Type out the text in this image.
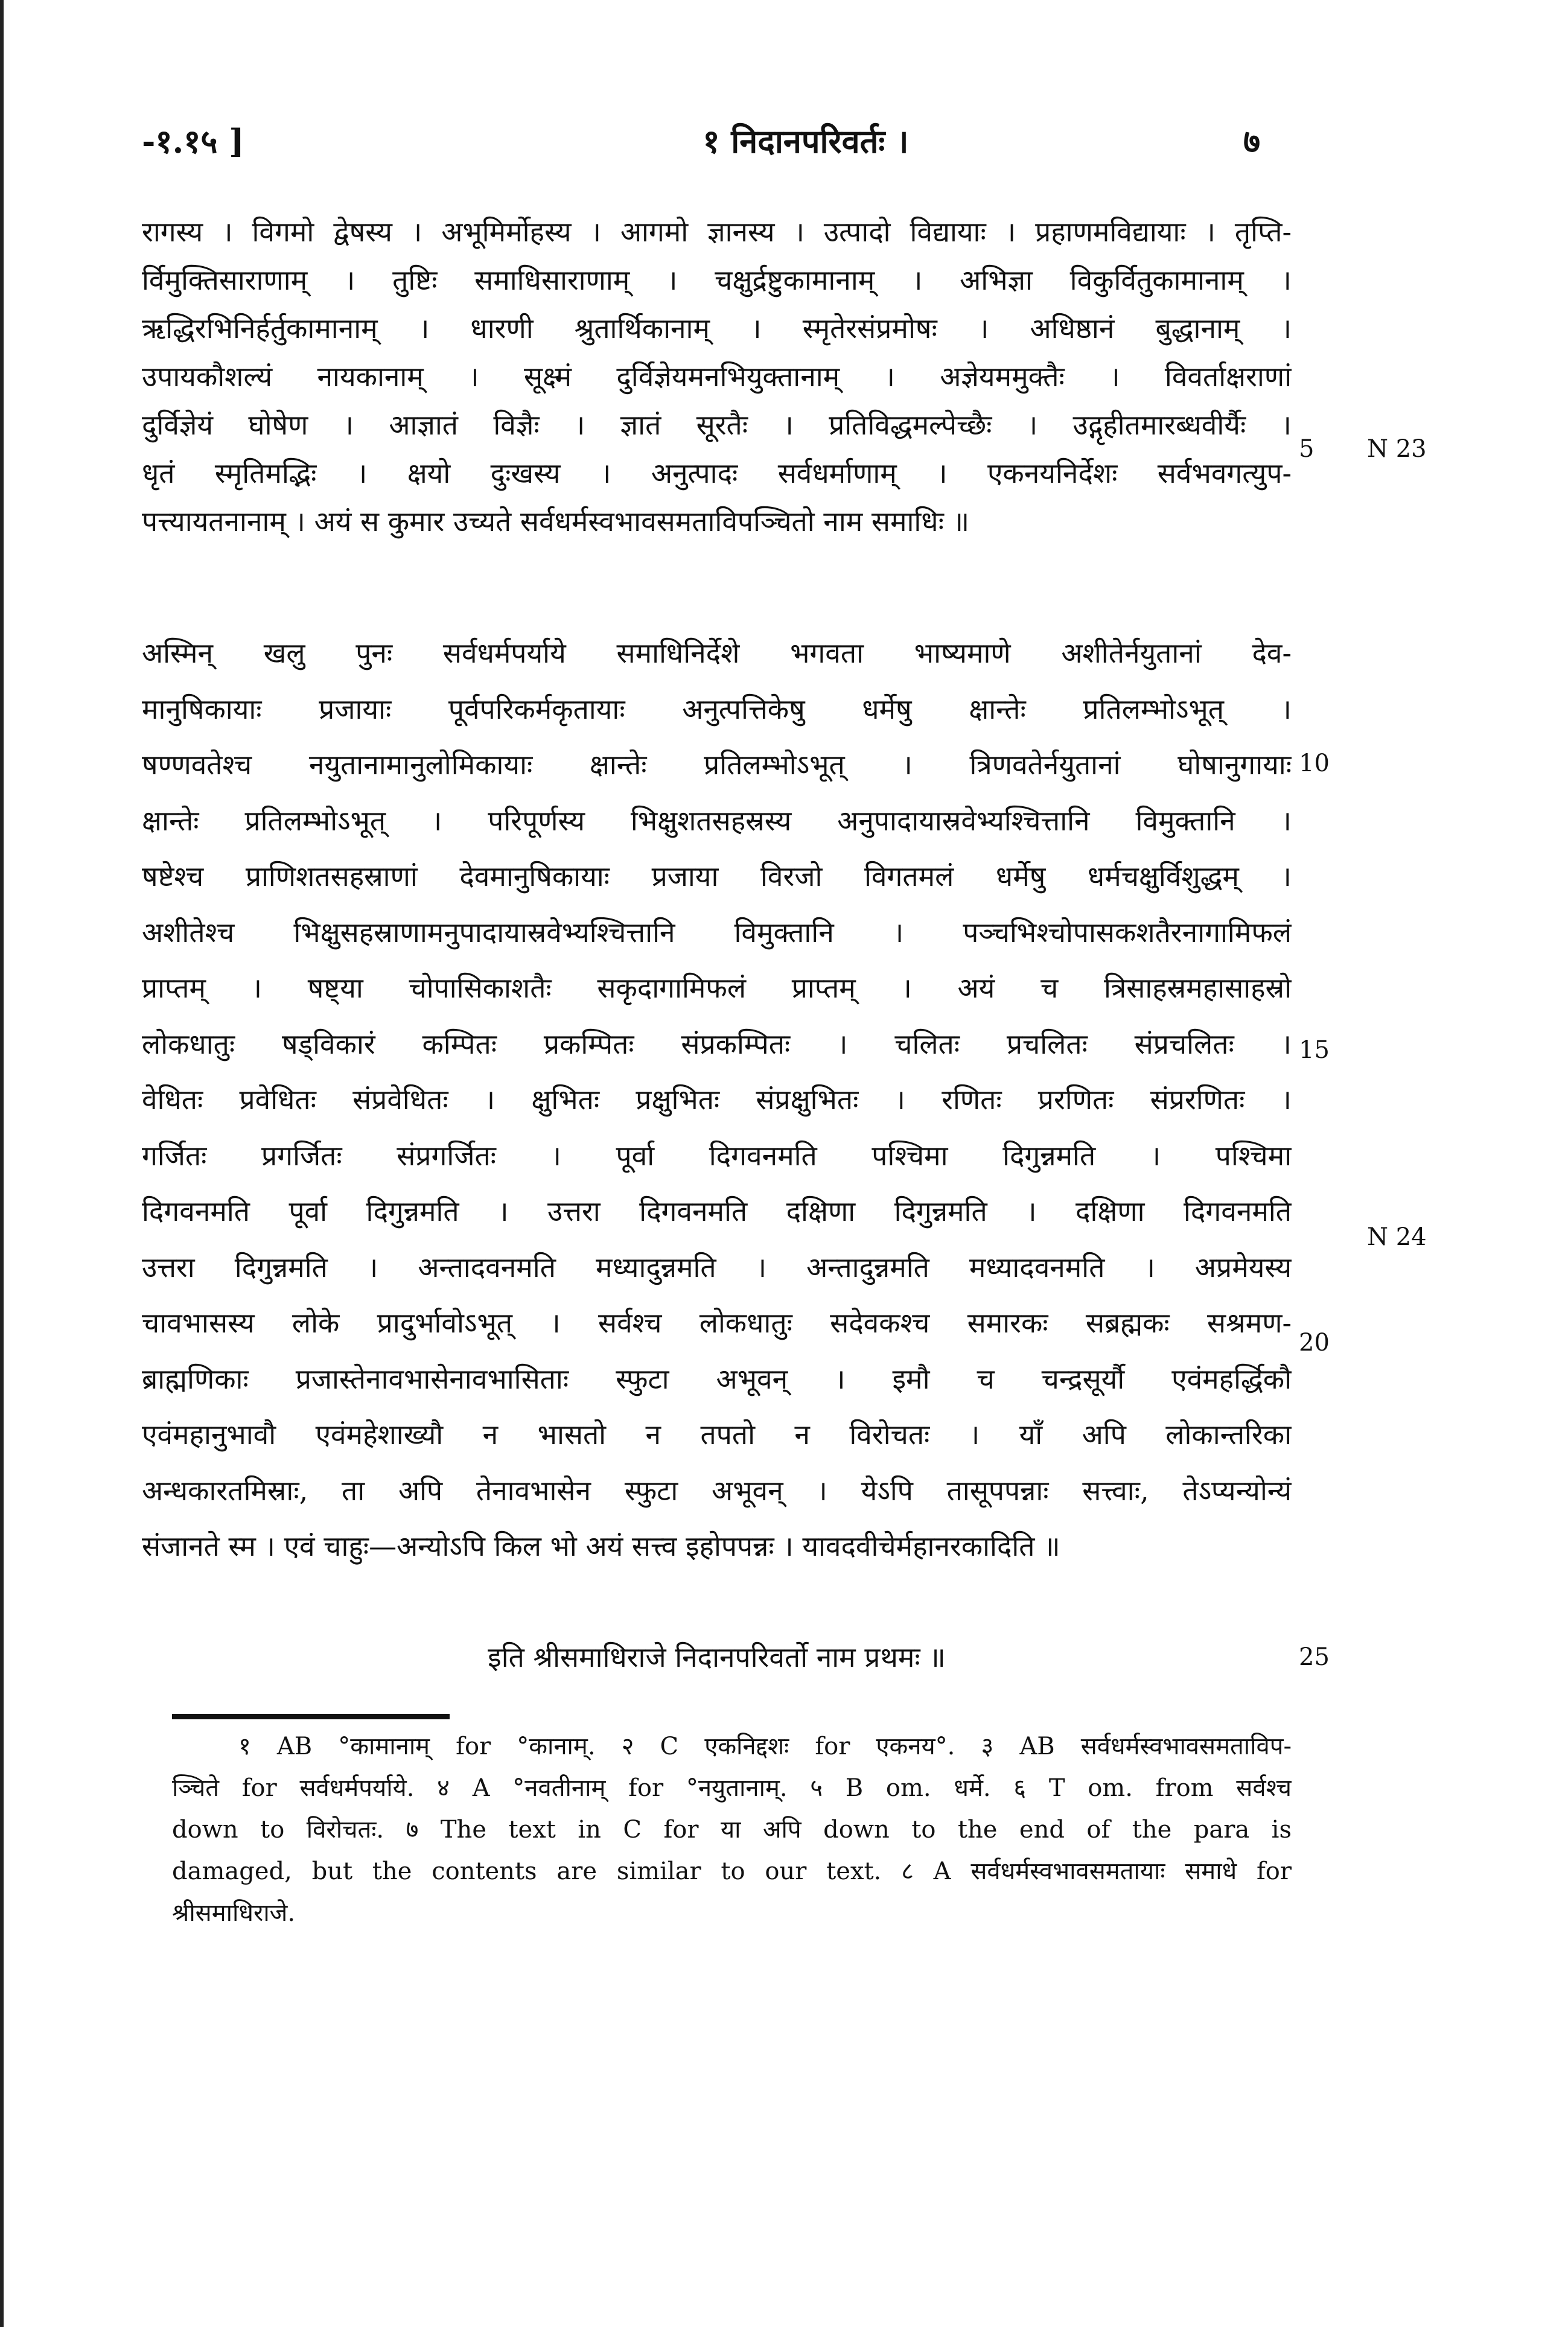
-१.१५ ]	१ निदानपरिवर्तः ।	७
रागस्य । विगमो द्वेषस्य । अभूमिर्मोहस्य । आगमो ज्ञानस्य । उत्पादो विद्यायाः । प्रहाणमविद्यायाः । तृप्ति-
र्विमुक्तिसाराणाम् । तुष्टिः समाधिसाराणाम् । चक्षुर्द्रष्टुकामानाम् । अभिज्ञा विकुर्वितुकामानाम् ।
ऋद्धिरभिनिर्हर्तुकामानाम् । धारणी श्रुतार्थिकानाम् । स्मृतेरसंप्रमोषः । अधिष्ठानं बुद्धानाम् ।
उपायकौशल्यं नायकानाम् । सूक्ष्मं दुर्विज्ञेयमनभियुक्तानाम् । अज्ञेयममुक्तैः । विवर्ताक्षराणां
दुर्विज्ञेयं घोषेण । आज्ञातं विज्ञैः । ज्ञातं सूरतैः । प्रतिविद्धमल्पेच्छैः । उद्गृहीतमारब्धवीर्यैः ।
धृतं स्मृतिमद्भिः । क्षयो दुःखस्य । अनुत्पादः सर्वधर्माणाम् । एकनयनिर्देशः सर्वभवगत्युप-
पत्त्यायतनानाम् । अयं स कुमार उच्यते सर्वधर्मस्वभावसमताविपञ्चितो नाम समाधिः ॥
अस्मिन् खलु पुनः सर्वधर्मपर्याये समाधिनिर्देशे भगवता भाष्यमाणे अशीतेर्नयुतानां देव-
मानुषिकायाः प्रजायाः पूर्वपरिकर्मकृतायाः अनुत्पत्तिकेषु धर्मेषु क्षान्तेः प्रतिलम्भोऽभूत् ।
षण्णवतेश्च नयुतानामानुलोमिकायाः क्षान्तेः प्रतिलम्भोऽभूत् । त्रिणवतेर्नयुतानां घोषानुगायाः
क्षान्तेः प्रतिलम्भोऽभूत् । परिपूर्णस्य भिक्षुशतसहस्रस्य अनुपादायास्रवेभ्यश्चित्तानि विमुक्तानि ।
षष्टेश्च प्राणिशतसहस्राणां देवमानुषिकायाः प्रजाया विरजो विगतमलं धर्मेषु धर्मचक्षुर्विशुद्धम् ।
अशीतेश्च भिक्षुसहस्राणामनुपादायास्रवेभ्यश्चित्तानि विमुक्तानि । पञ्चभिश्चोपासकशतैरनागामिफलं
प्राप्तम् । षष्ट्या चोपासिकाशतैः सकृदागामिफलं प्राप्तम् । अयं च त्रिसाहस्रमहासाहस्रो
लोकधातुः षड्विकारं कम्पितः प्रकम्पितः संप्रकम्पितः । चलितः प्रचलितः संप्रचलितः ।
वेधितः प्रवेधितः संप्रवेधितः । क्षुभितः प्रक्षुभितः संप्रक्षुभितः । रणितः प्ररणितः संप्ररणितः ।
गर्जितः प्रगर्जितः संप्रगर्जितः । पूर्वा दिगवनमति पश्चिमा दिगुन्नमति । पश्चिमा
दिगवनमति पूर्वा दिगुन्नमति । उत्तरा दिगवनमति दक्षिणा दिगुन्नमति । दक्षिणा दिगवनमति
उत्तरा दिगुन्नमति । अन्तादवनमति मध्यादुन्नमति । अन्तादुन्नमति मध्यादवनमति । अप्रमेयस्य
चावभासस्य लोके प्रादुर्भावोऽभूत् । सर्वश्च लोकधातुः सदेवकश्च समारकः सब्रह्मकः सश्रमण-
ब्राह्मणिकाः प्रजास्तेनावभासेनावभासिताः स्फुटा अभूवन् । इमौ च चन्द्रसूर्यौ एवंमहर्द्धिकौ
एवंमहानुभावौ एवंमहेशाख्यौ न भासतो न तपतो न विरोचतः । याँ अपि लोकान्तरिका
अन्धकारतमिस्राः, ता अपि तेनावभासेन स्फुटा अभूवन् । येऽपि तासूपपन्नाः सत्त्वाः, तेऽप्यन्योन्यं
संजानते स्म । एवं चाहुः—अन्योऽपि किल भो अयं सत्त्व इहोपपन्नः । यावदवीचेर्महानरकादिति ॥
5 N 23
10
15
N 24
20
इति श्रीसमाधिराजे निदानपरिवर्तो नाम प्रथमः ॥	25
१ AB °कामानाम् for °कानाम्. २ C एकनिद्दशः for एकनय°. ३ AB सर्वधर्मस्वभावसमताविप-
ञ्चिते for सर्वधर्मपर्याये. ४ A °नवतीनाम् for °नयुतानाम्. ५ B om. धर्मे. ६ T om. from सर्वश्च
down to विरोचतः. ७ The text in C for या अपि down to the end of the para is
damaged, but the contents are similar to our text. ८ A सर्वधर्मस्वभावसमतायाः समाधे for
श्रीसमाधिराजे.
